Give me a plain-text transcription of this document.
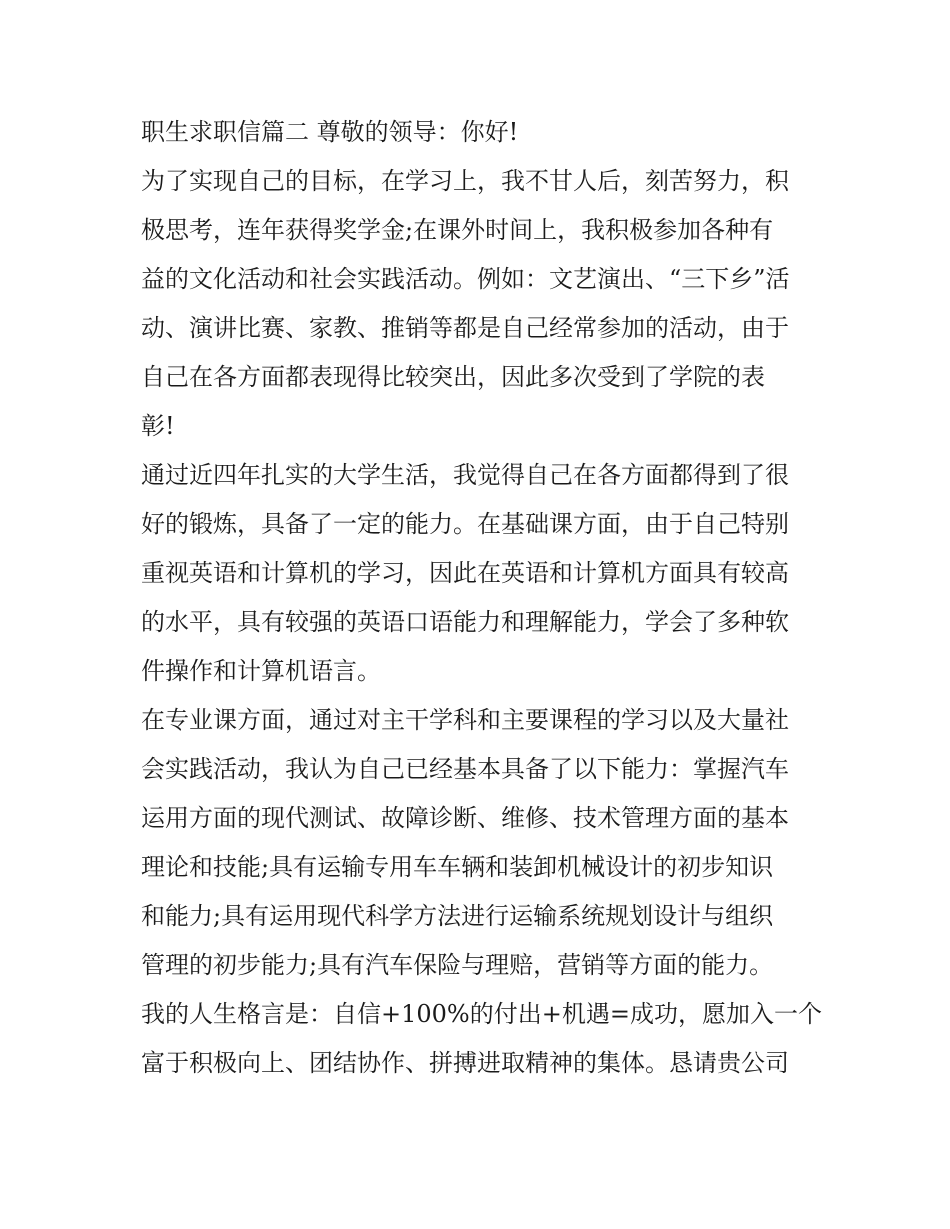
职生求职信篇二 尊敬的领导：你好!
为了实现自己的目标，在学习上，我不甘人后，刻苦努力，积
极思考，连年获得奖学金;在课外时间上，我积极参加各种有
益的文化活动和社会实践活动。例如：文艺演出、“三下乡”活
动、演讲比赛、家教、推销等都是自己经常参加的活动，由于
自己在各方面都表现得比较突出，因此多次受到了学院的表
彰!
通过近四年扎实的大学生活，我觉得自己在各方面都得到了很
好的锻炼，具备了一定的能力。在基础课方面，由于自己特别
重视英语和计算机的学习，因此在英语和计算机方面具有较高
的水平，具有较强的英语口语能力和理解能力，学会了多种软
件操作和计算机语言。
在专业课方面，通过对主干学科和主要课程的学习以及大量社
会实践活动，我认为自己已经基本具备了以下能力：掌握汽车
运用方面的现代测试、故障诊断、维修、技术管理方面的基本
理论和技能;具有运输专用车车辆和装卸机械设计的初步知识
和能力;具有运用现代科学方法进行运输系统规划设计与组织
管理的初步能力;具有汽车保险与理赔，营销等方面的能力。
我的人生格言是：自信+100%的付出+机遇=成功，愿加入一个
富于积极向上、团结协作、拼搏进取精神的集体。恳请贵公司
